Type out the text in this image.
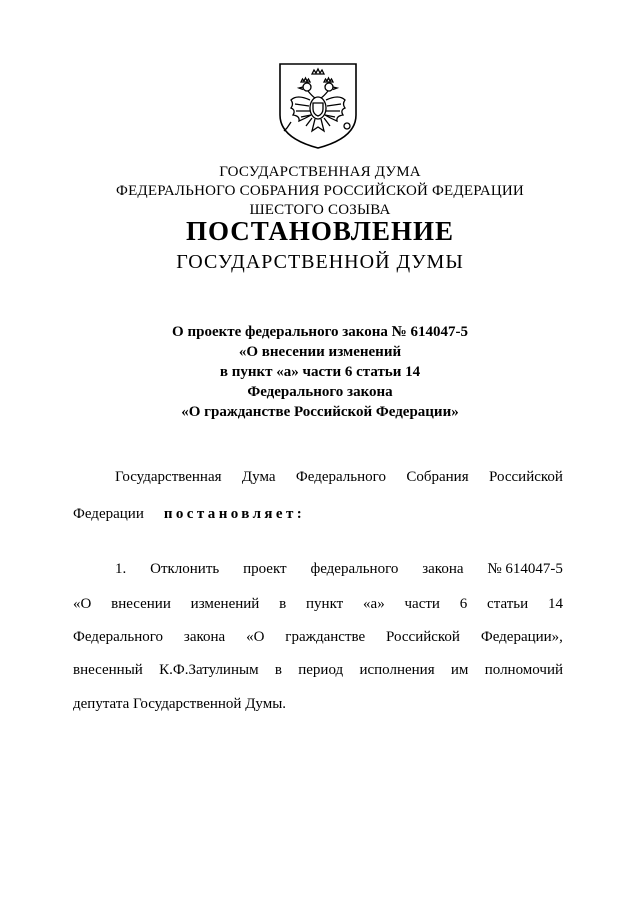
ГОСУДАРСТВЕННАЯ ДУМА
ФЕДЕРАЛЬНОГО СОБРАНИЯ РОССИЙСКОЙ ФЕДЕРАЦИИ
ШЕСТОГО СОЗЫВА
ПОСТАНОВЛЕНИЕ
ГОСУДАРСТВЕННОЙ ДУМЫ
О проекте федерального закона № 614047-5
«О внесении изменений
в пункт «а» части 6 статьи 14
Федерального закона
«О гражданстве Российской Федерации»
Государственная Дума Федерального Собрания Российской
Федерации постановляет:
1. Отклонить проект федерального закона № 614047-5
«О внесении изменений в пункт «а» части 6 статьи 14
Федерального закона «О гражданстве Российской Федерации»,
внесенный К.Ф.Затулиным в период исполнения им полномочий
депутата Государственной Думы.
